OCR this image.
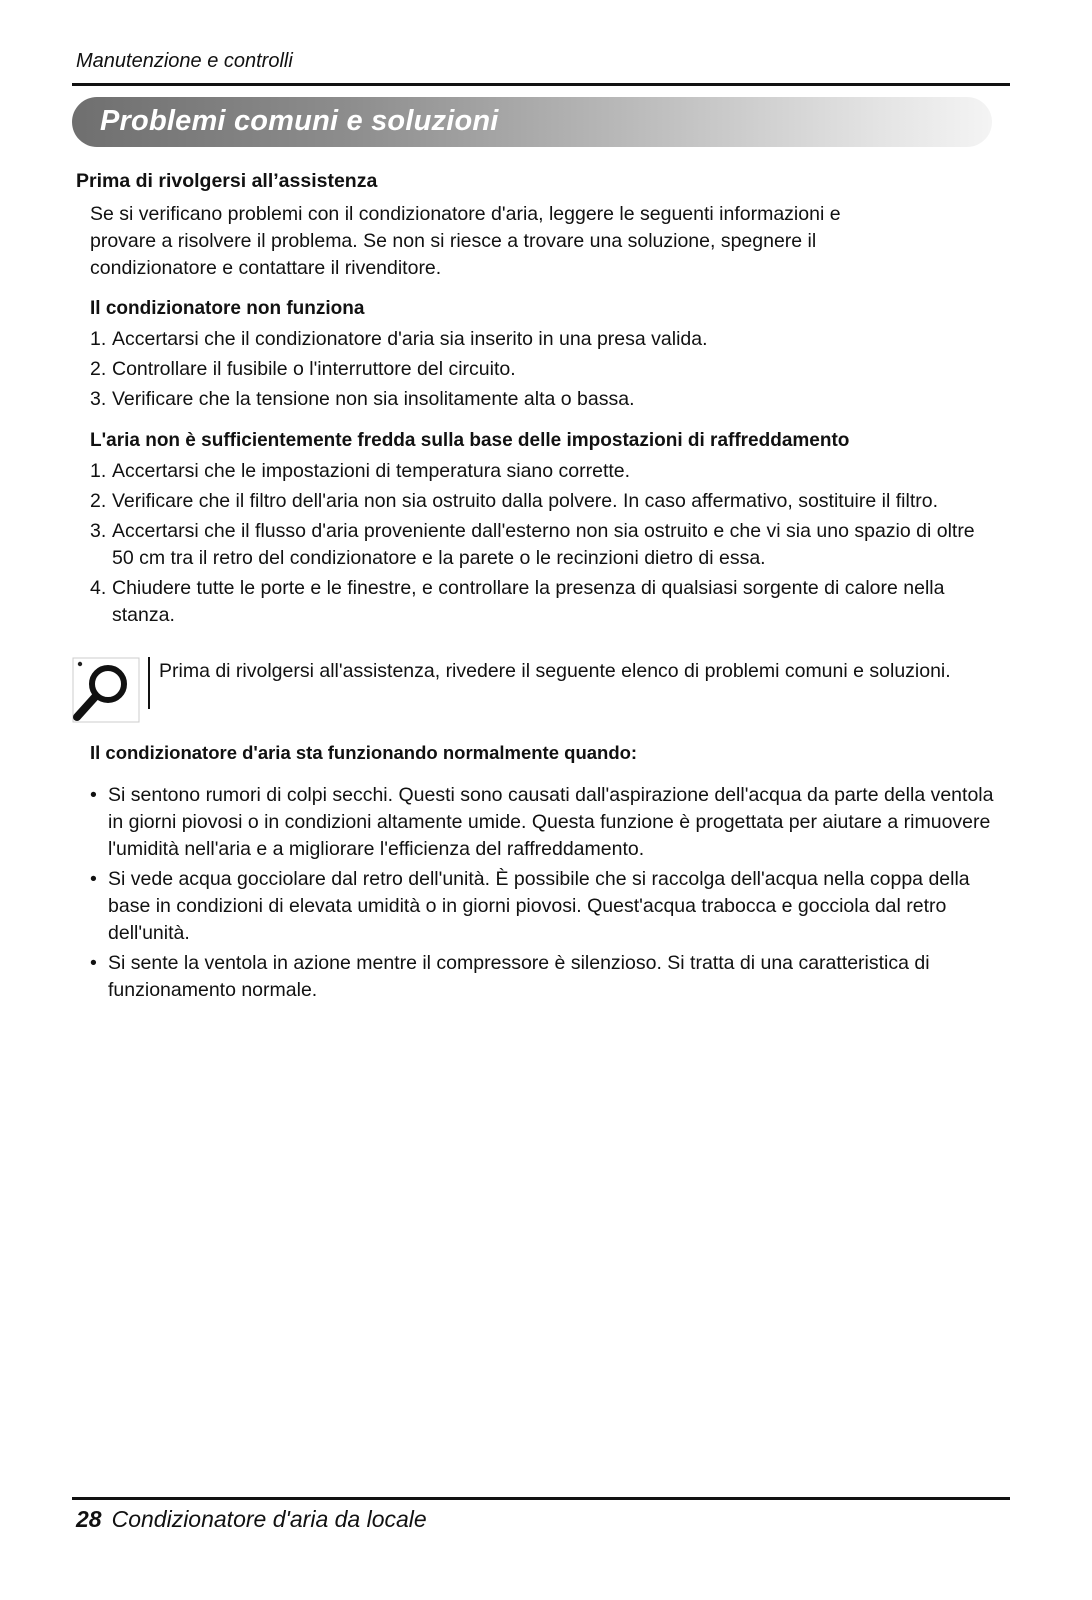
Manutenzione e controlli
Problemi comuni e soluzioni
Prima di rivolgersi all’assistenza
Se si verificano problemi con il condizionatore d'aria, leggere le seguenti informazioni e
provare a risolvere il problema. Se non si riesce a trovare una soluzione, spegnere il
condizionatore e contattare il rivenditore.
Il condizionatore non funziona
1. Accertarsi che il condizionatore d'aria sia inserito in una presa valida.
2. Controllare il fusibile o l'interruttore del circuito.
3. Verificare che la tensione non sia insolitamente alta o bassa.
L'aria non è sufficientemente fredda sulla base delle impostazioni di raffreddamento
1. Accertarsi che le impostazioni di temperatura siano corrette.
2. Verificare che il filtro dell'aria non sia ostruito dalla polvere. In caso affermativo, sostituire il filtro.
3. Accertarsi che il flusso d'aria proveniente dall'esterno non sia ostruito e che vi sia uno spazio di oltre 50 cm tra il retro del condizionatore e la parete o le recinzioni dietro di essa.
4. Chiudere tutte le porte e le finestre, e controllare la presenza di qualsiasi sorgente di calore nella stanza.
Prima di rivolgersi all'assistenza, rivedere il seguente elenco di problemi comuni e soluzioni.
Il condizionatore d'aria sta funzionando normalmente quando:
• Si sentono rumori di colpi secchi. Questi sono causati dall'aspirazione dell'acqua da parte della ventola in giorni piovosi o in condizioni altamente umide. Questa funzione è progettata per aiutare a rimuovere l'umidità nell'aria e a migliorare l'efficienza del raffreddamento.
• Si vede acqua gocciolare dal retro dell'unità. È possibile che si raccolga dell'acqua nella coppa della base in condizioni di elevata umidità o in giorni piovosi. Quest'acqua trabocca e gocciola dal retro dell'unità.
• Si sente la ventola in azione mentre il compressore è silenzioso. Si tratta di una caratteristica di funzionamento normale.
28 Condizionatore d'aria da locale
